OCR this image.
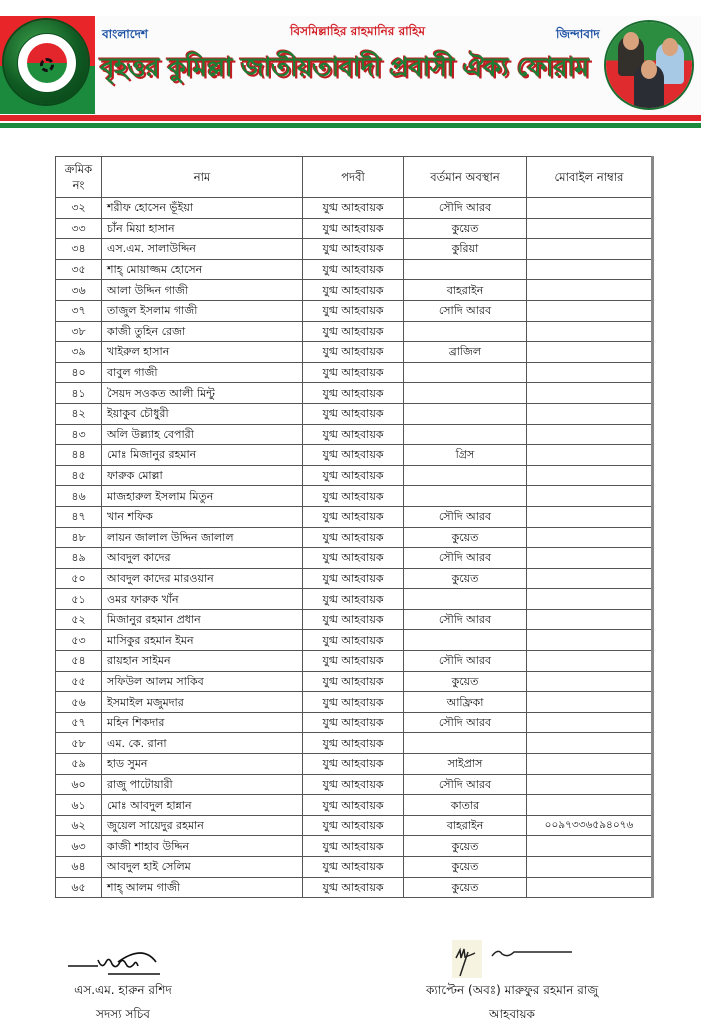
বাংলাদেশ	বিসমিল্লাহির রাহমানির রাহিম	জিন্দাবাদ
বৃহত্তর কুমিল্লা জাতীয়তাবাদী প্রবাসী ঐক্য ফোরাম
ক্রমিক নং	নাম	পদবী	বর্তমান অবস্থান	মোবাইল নাম্বার
৩২	শরীফ হোসেন ভূঁইয়া	যুগ্ম আহবায়ক	সৌদি আরব	
৩৩	চাঁন মিয়া হাসান	যুগ্ম আহবায়ক	কুয়েত	
৩৪	এস.এম. সালাউদ্দিন	যুগ্ম আহবায়ক	কুরিয়া	
৩৫	শাহ্ মোয়াজ্জম হোসেন	যুগ্ম আহবায়ক		
৩৬	আলা উদ্দিন গাজী	যুগ্ম আহবায়ক	বাহরাইন	
৩৭	তাজুল ইসলাম গাজী	যুগ্ম আহবায়ক	সোদি আরব	
৩৮	কাজী তুহিন রেজা	যুগ্ম আহবায়ক		
৩৯	খাইরুল হাসান	যুগ্ম আহবায়ক	ব্রাজিল	
৪০	বাবুল গাজী	যুগ্ম আহবায়ক		
৪১	সৈয়দ সওকত আলী মিন্টু	যুগ্ম আহবায়ক		
৪২	ইয়াকুব চৌধুরী	যুগ্ম আহবায়ক		
৪৩	অলি উল্ল্যাহ বেপারী	যুগ্ম আহবায়ক		
৪৪	মোঃ মিজানুর রহমান	যুগ্ম আহবায়ক	গ্রিস	
৪৫	ফারুক মোল্লা	যুগ্ম আহবায়ক		
৪৬	মাজহারুল ইসলাম মিতুন	যুগ্ম আহবায়ক		
৪৭	খান শফিক	যুগ্ম আহবায়ক	সৌদি আরব	
৪৮	লায়ন জালাল উদ্দিন জালাল	যুগ্ম আহবায়ক	কুয়েত	
৪৯	আবদুল কাদের	যুগ্ম আহবায়ক	সৌদি আরব	
৫০	আবদুল কাদের মারওয়ান	যুগ্ম আহবায়ক	কুয়েত	
৫১	ওমর ফারুক খাঁন	যুগ্ম আহবায়ক		
৫২	মিজানুর রহমান প্রধান	যুগ্ম আহবায়ক	সৌদি আরব	
৫৩	মাসিকুর রহমান ইমন	যুগ্ম আহবায়ক		
৫৪	রায়হান সাইমন	যুগ্ম আহবায়ক	সৌদি আরব	
৫৫	সফিউল আলম সাকিব	যুগ্ম আহবায়ক	কুয়েত	
৫৬	ইসমাইল মজুমদার	যুগ্ম আহবায়ক	আফ্রিকা	
৫৭	মহিন শিকদার	যুগ্ম আহবায়ক	সৌদি আরব	
৫৮	এম. কে. রানা	যুগ্ম আহবায়ক		
৫৯	হাড সুমন	যুগ্ম আহবায়ক	সাইপ্রাস	
৬০	রাজু পাটোয়ারী	যুগ্ম আহবায়ক	সৌদি আরব	
৬১	মোঃ আবদুল হান্নান	যুগ্ম আহবায়ক	কাতার	
৬২	জুয়েল সায়েদুর রহমান	যুগ্ম আহবায়ক	বাহরাইন	০০৯৭৩৩৬৫৯৪০৭৬
৬৩	কাজী শাহাব উদ্দিন	যুগ্ম আহবায়ক	কুয়েত	
৬৪	আবদুল হাই সেলিম	যুগ্ম আহবায়ক	কুয়েত	
৬৫	শাহ্ আলম গাজী	যুগ্ম আহবায়ক	কুয়েত	
এস.এম. হারুন রশিদ
সদস্য সচিব
ক্যাপ্টেন (অবঃ) মারুফুর রহমান রাজু
আহবায়ক
